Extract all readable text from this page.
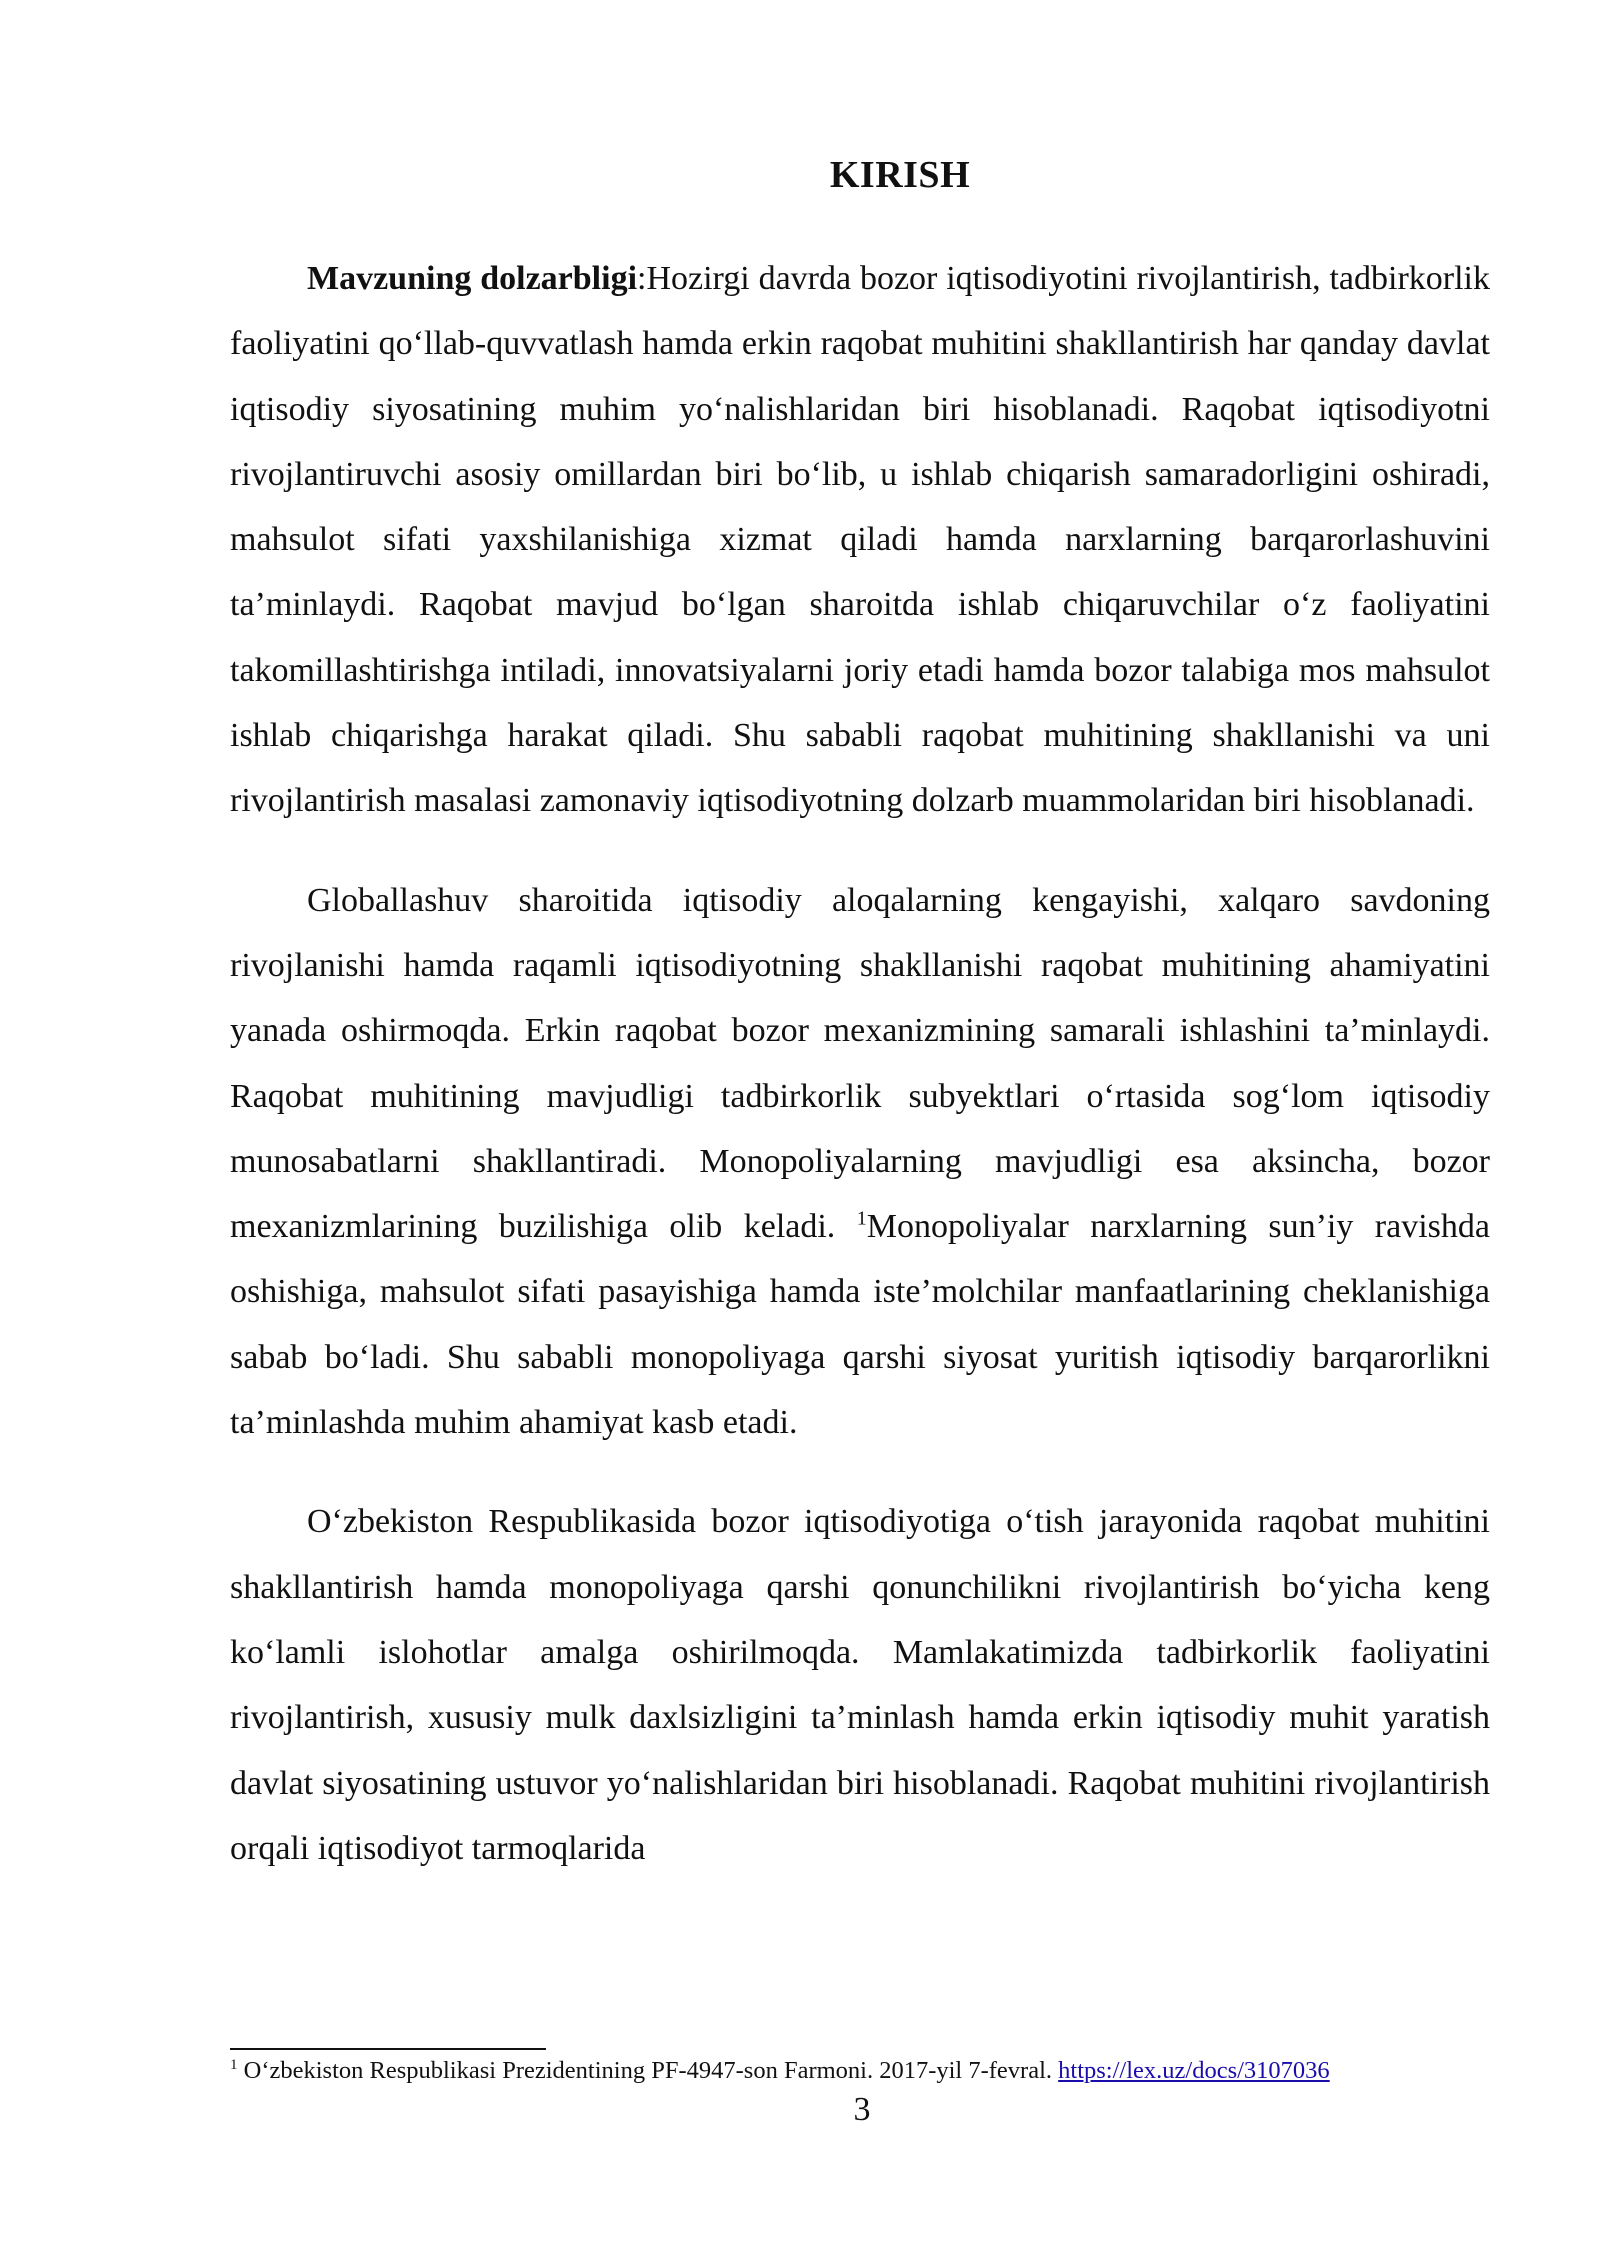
KIRISH

Mavzuning dolzarbligi:Hozirgi davrda bozor iqtisodiyotini rivojlantirish, tadbirkorlik faoliyatini qo‘llab-quvvatlash hamda erkin raqobat muhitini shakllantirish har qanday davlat iqtisodiy siyosatining muhim yo‘nalishlaridan biri hisoblanadi. Raqobat iqtisodiyotni rivojlantiruvchi asosiy omillardan biri bo‘lib, u ishlab chiqarish samaradorligini oshiradi, mahsulot sifati yaxshilanishiga xizmat qiladi hamda narxlarning barqarorlashuvini ta’minlaydi. Raqobat mavjud bo‘lgan sharoitda ishlab chiqaruvchilar o‘z faoliyatini takomillashtirishga intiladi, innovatsiyalarni joriy etadi hamda bozor talabiga mos mahsulot ishlab chiqarishga harakat qiladi. Shu sababli raqobat muhitining shakllanishi va uni rivojlantirish masalasi zamonaviy iqtisodiyotning dolzarb muammolaridan biri hisoblanadi.

Globallashuv sharoitida iqtisodiy aloqalarning kengayishi, xalqaro savdoning rivojlanishi hamda raqamli iqtisodiyotning shakllanishi raqobat muhitining ahamiyatini yanada oshirmoqda. Erkin raqobat bozor mexanizmining samarali ishlashini ta’minlaydi. Raqobat muhitining mavjudligi tadbirkorlik subyektlari o‘rtasida sog‘lom iqtisodiy munosabatlarni shakllantiradi. Monopoliyalarning mavjudligi esa aksincha, bozor mexanizmlarining buzilishiga olib keladi. $^1$Monopoliyalar narxlarning sun’iy ravishda oshishiga, mahsulot sifati pasayishiga hamda iste’molchilar manfaatlarining cheklanishiga sabab bo‘ladi. Shu sababli monopoliyaga qarshi siyosat yuritish iqtisodiy barqarorlikni ta’minlashda muhim ahamiyat kasb etadi.

O‘zbekiston Respublikasida bozor iqtisodiyotiga o‘tish jarayonida raqobat muhitini shakllantirish hamda monopoliyaga qarshi qonunchilikni rivojlantirish bo‘yicha keng ko‘lamli islohotlar amalga oshirilmoqda. Mamlakatimizda tadbirkorlik faoliyatini rivojlantirish, xususiy mulk daxlsizligini ta’minlash hamda erkin iqtisodiy muhit yaratish davlat siyosatining ustuvor yo‘nalishlaridan biri hisoblanadi. Raqobat muhitini rivojlantirish orqali iqtisodiyot tarmoqlarida

$^1$ O‘zbekiston Respublikasi Prezidentining PF-4947-son Farmoni. 2017-yil 7-fevral. https://lex.uz/docs/3107036
3
